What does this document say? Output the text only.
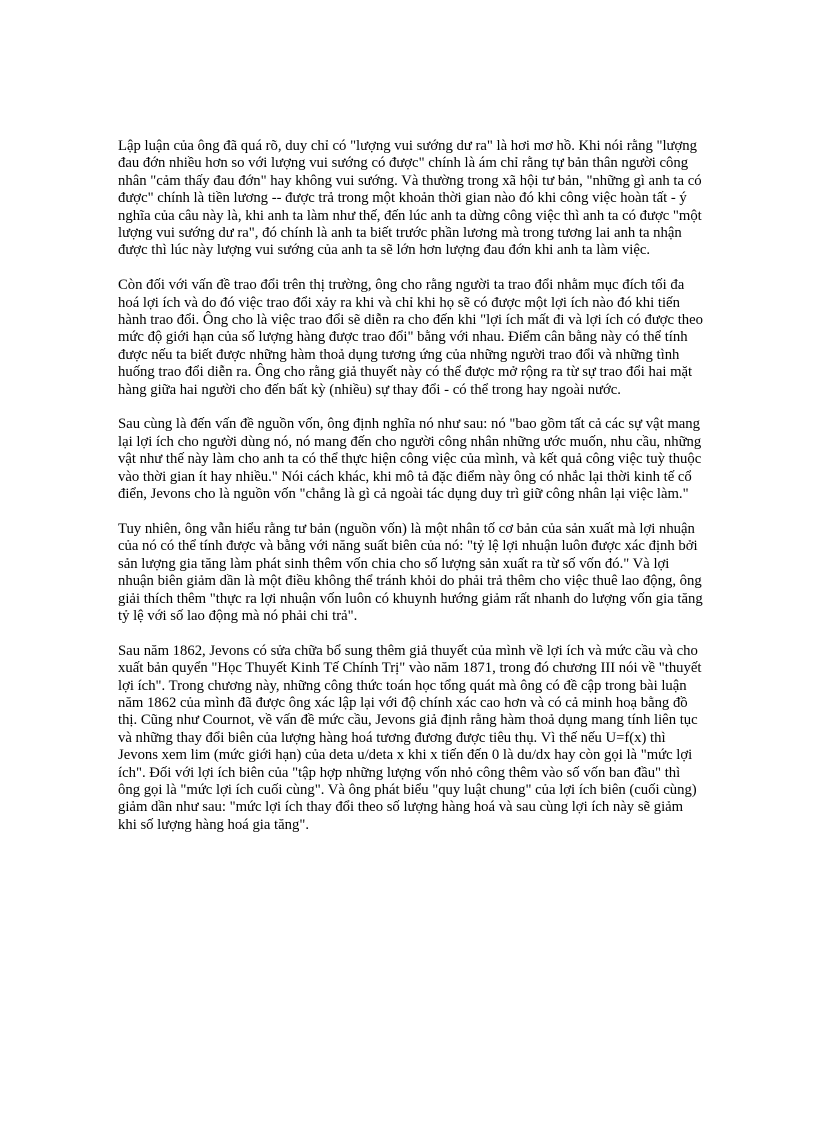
Lập luận của ông đã quá rõ, duy chỉ có "lượng vui sướng dư ra" là hơi mơ hồ. Khi nói rằng "lượng đau đớn nhiều hơn so với lượng vui sướng có được" chính là ám chỉ rằng tự bản thân người công nhân "cảm thấy đau đớn" hay không vui sướng. Và thường trong xã hội tư bản, "những gì anh ta có được" chính là tiền lương -- được trả trong một khoản thời gian nào đó khi công việc hoàn tất - ý nghĩa của câu này là, khi anh ta làm như thế, đến lúc anh ta dừng công việc thì anh ta có được "một lượng vui sướng dư ra", đó chính là anh ta biết trước phần lương mà trong tương lai anh ta nhận được thì lúc này lượng vui sướng của anh ta sẽ lớn hơn lượng đau đớn khi anh ta làm việc.

Còn đối với vấn đề trao đổi trên thị trường, ông cho rằng người ta trao đổi nhằm mục đích tối đa hoá lợi ích và do đó việc trao đổi xảy ra khi và chỉ khi họ sẽ có được một lợi ích nào đó khi tiến hành trao đổi. Ông cho là việc trao đổi sẽ diễn ra cho đến khi "lợi ích mất đi và lợi ích có được theo mức độ giới hạn của số lượng hàng được trao đổi" bằng với nhau. Điểm cân bằng này có thể tính được nếu ta biết được những hàm thoả dụng tương ứng của những người trao đổi và những tình huống trao đổi diễn ra. Ông cho rằng giả thuyết này có thể được mở rộng ra từ sự trao đổi hai mặt hàng giữa hai người cho đến bất kỳ (nhiều) sự thay đổi - có thể trong hay ngoài nước.

Sau cùng là đến vấn đề nguồn vốn, ông định nghĩa nó như sau: nó "bao gồm tất cả các sự vật mang lại lợi ích cho người dùng nó, nó mang đến cho người công nhân những ước muốn, nhu cầu, những vật như thế này làm cho anh ta có thể thực hiện công việc của mình, và kết quả công việc tuỳ thuộc vào thời gian ít hay nhiều." Nói cách khác, khi mô tả đặc điểm này ông có nhắc lại thời kinh tế cổ điển, Jevons cho là nguồn vốn "chẳng là gì cả ngoài tác dụng duy trì giữ công nhân lại việc làm."

Tuy nhiên, ông vẫn hiểu rằng tư bản (nguồn vốn) là một nhân tố cơ bản của sản xuất mà lợi nhuận của nó có thể tính được và bằng với năng suất biên của nó: "tỷ lệ lợi nhuận luôn được xác định bởi sản lượng gia tăng làm phát sinh thêm vốn chia cho số lượng sản xuất ra từ số vốn đó." Và lợi nhuận biên giảm dần là một điều không thể tránh khỏi do phải trả thêm cho việc thuê lao động, ông giải thích thêm "thực ra lợi nhuận vốn luôn có khuynh hướng giảm rất nhanh do lượng vốn gia tăng tỷ lệ với số lao động mà nó phải chi trả".

Sau năm 1862, Jevons có sửa chữa bổ sung thêm giả thuyết của mình về lợi ích và mức cầu và cho xuất bản quyển "Học Thuyết Kinh Tế Chính Trị" vào năm 1871, trong đó chương III nói về "thuyết lợi ích". Trong chương này, những công thức toán học tổng quát mà ông có đề cập trong bài luận năm 1862 của mình đã được ông xác lập lại với độ chính xác cao hơn và có cả minh hoạ bằng đồ thị. Cũng như Cournot, về vấn đề mức cầu, Jevons giả định rằng hàm thoả dụng mang tính liên tục và những thay đổi biên của lượng hàng hoá tương đương được tiêu thụ. Vì thế nếu U=f(x) thì Jevons xem lim (mức giới hạn) của deta u/deta x khi x tiến đến 0 là du/dx hay còn gọi là "mức lợi ích". Đối với lợi ích biên của "tập hợp những lượng vốn nhỏ công thêm vào số vốn ban đầu" thì ông gọi là "mức lợi ích cuối cùng". Và ông phát biểu "quy luật chung" của lợi ích biên (cuối cùng) giảm dần như sau: "mức lợi ích thay đổi theo số lượng hàng hoá và sau cùng lợi ích này sẽ giảm khi số lượng hàng hoá gia tăng".
